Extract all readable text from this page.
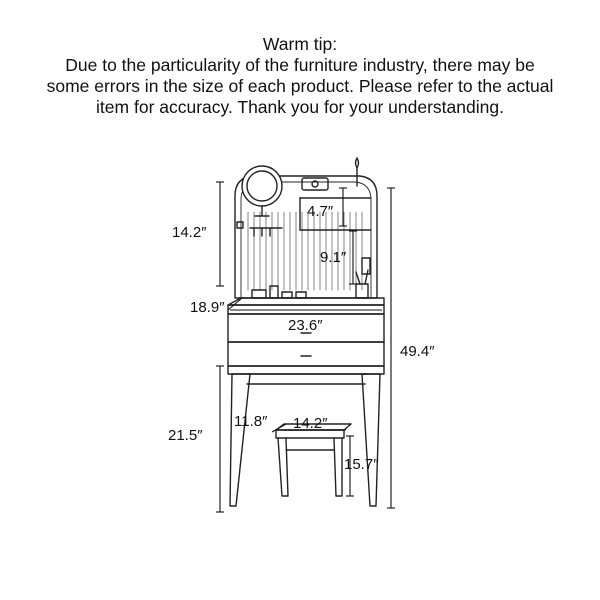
Warm tip:
Due to the particularity of the furniture industry, there may be
some errors in the size of each product. Please refer to the actual
item for accuracy. Thank you for your understanding.
14.2″
4.7″
9.1″
18.9″
23.6″
49.4″
21.5″
11.8″ 14.2″
15.7″
